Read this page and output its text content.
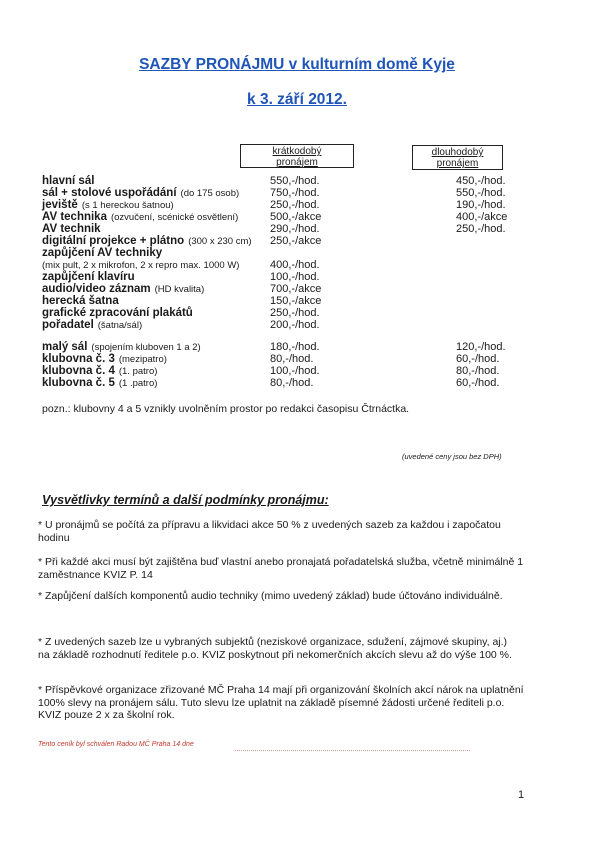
SAZBY PRONÁJMU v kulturním domě Kyje
k 3. září 2012.
krátkodobý
pronájem
dlouhodobý
pronájem
hlavní sál	550,-/hod.	450,-/hod.
sál + stolové uspořádání (do 175 osob)	750,-/hod.	550,-/hod.
jeviště (s 1 hereckou šatnou)	250,-/hod.	190,-/hod.
AV technika (ozvučení, scénické osvětlení)	500,-/akce	400,-/akce
AV technik	290,-/hod.	250,-/hod.
digitální projekce + plátno (300 x 230 cm) 250,-/akce
zapůjčení AV techniky
(mix pult, 2 x mikrofon, 2 x repro max. 1000 W)	400,-/hod.
zapůjčení klavíru	100,-/hod.
audio/video záznam (HD kvalita)	700,-/akce
herecká šatna	150,-/akce
grafické zpracování plakátů	250,-/hod.
pořadatel (šatna/sál)	200,-/hod.
malý sál (spojením kluboven 1 a 2)	180,-/hod.	120,-/hod.
klubovna č. 3 (mezipatro)	80,-/hod.	60,-/hod.
klubovna č. 4 (1. patro)	100,-/hod.	80,-/hod.
klubovna č. 5 (1 .patro)	80,-/hod.	60,-/hod.
pozn.: klubovny 4 a 5 vznikly uvolněním prostor po redakci časopisu Čtrnáctka.
(uvedené ceny jsou bez DPH)
Vysvětlivky termínů a další podmínky pronájmu:
* U pronájmů se počítá za přípravu a likvidaci akce 50 % z uvedených sazeb za každou i započatou hodinu
* Při každé akci musí být zajištěna buď vlastní anebo pronajatá pořadatelská služba, včetně minimálně 1 zaměstnance KVIZ P. 14
* Zapůjčení dalších komponentů audio techniky (mimo uvedený základ) bude účtováno individuálně.
* Z uvedených sazeb lze u vybraných subjektů (neziskové organizace, sdužení, zájmové skupiny, aj.) na základě rozhodnutí ředitele p.o. KVIZ poskytnout při nekomerčních akcích slevu až do výše 100 %.
* Příspěvkové organizace zřizované MČ Praha 14 mají při organizování školních akcí nárok na uplatnění 100% slevy na pronájem sálu. Tuto slevu lze uplatnit na základě písemné žádosti určené řediteli p.o. KVIZ pouze 2 x za školní rok.
Tento ceník byl schválen Radou MČ Praha 14 dne
1
